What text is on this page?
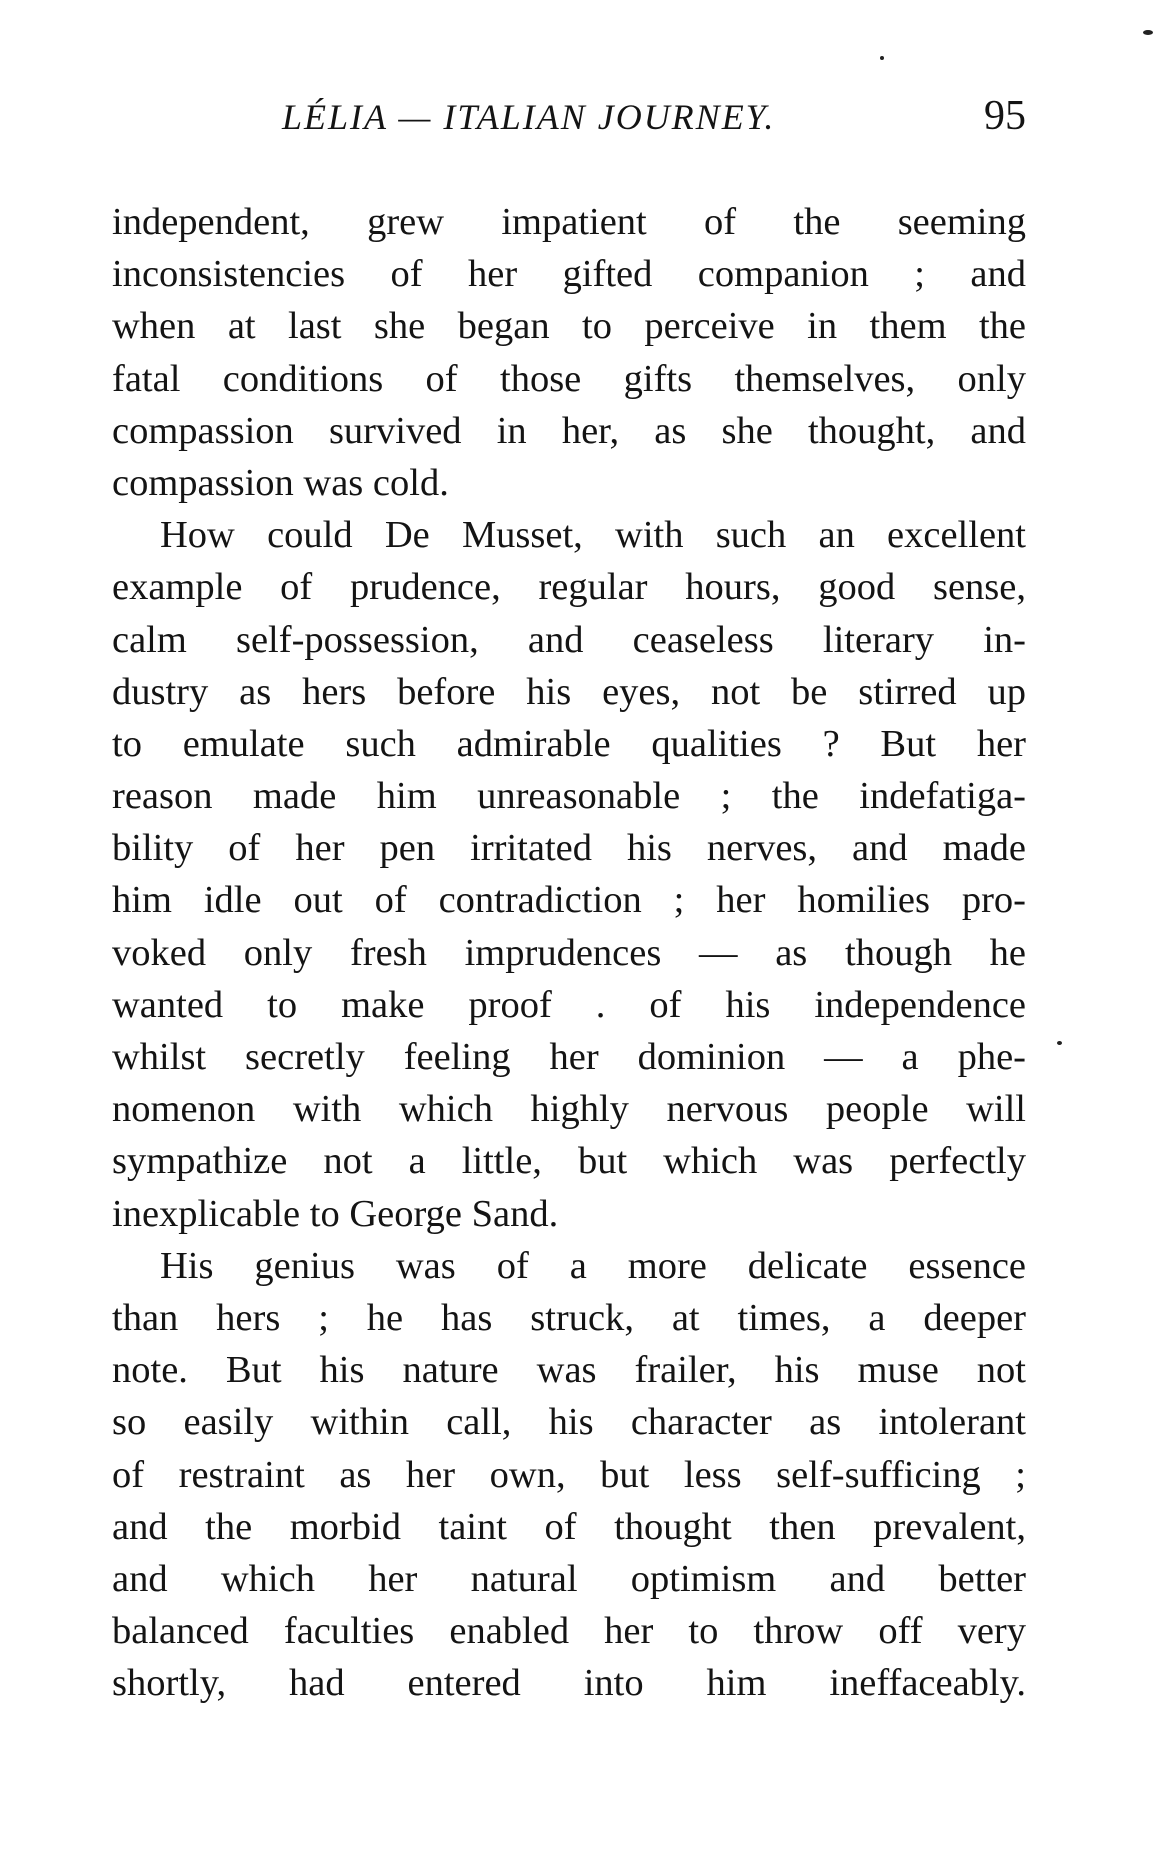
LÉLIA — ITALIAN JOURNEY.	95
independent, grew impatient of the seeming
inconsistencies of her gifted companion ; and
when at last she began to perceive in them the
fatal conditions of those gifts themselves, only
compassion survived in her, as she thought, and
compassion was cold.
How could De Musset, with such an excellent
example of prudence, regular hours, good sense,
calm self-possession, and ceaseless literary in-
dustry as hers before his eyes, not be stirred up
to emulate such admirable qualities ? But her
reason made him unreasonable ; the indefatiga-
bility of her pen irritated his nerves, and made
him idle out of contradiction ; her homilies pro-
voked only fresh imprudences — as though he
wanted to make proof . of his independence
whilst secretly feeling her dominion — a phe-
nomenon with which highly nervous people will
sympathize not a little, but which was perfectly
inexplicable to George Sand.
His genius was of a more delicate essence
than hers ; he has struck, at times, a deeper
note. But his nature was frailer, his muse not
so easily within call, his character as intolerant
of restraint as her own, but less self-sufficing ;
and the morbid taint of thought then prevalent,
and which her natural optimism and better
balanced faculties enabled her to throw off very
shortly, had entered into him ineffaceably.
